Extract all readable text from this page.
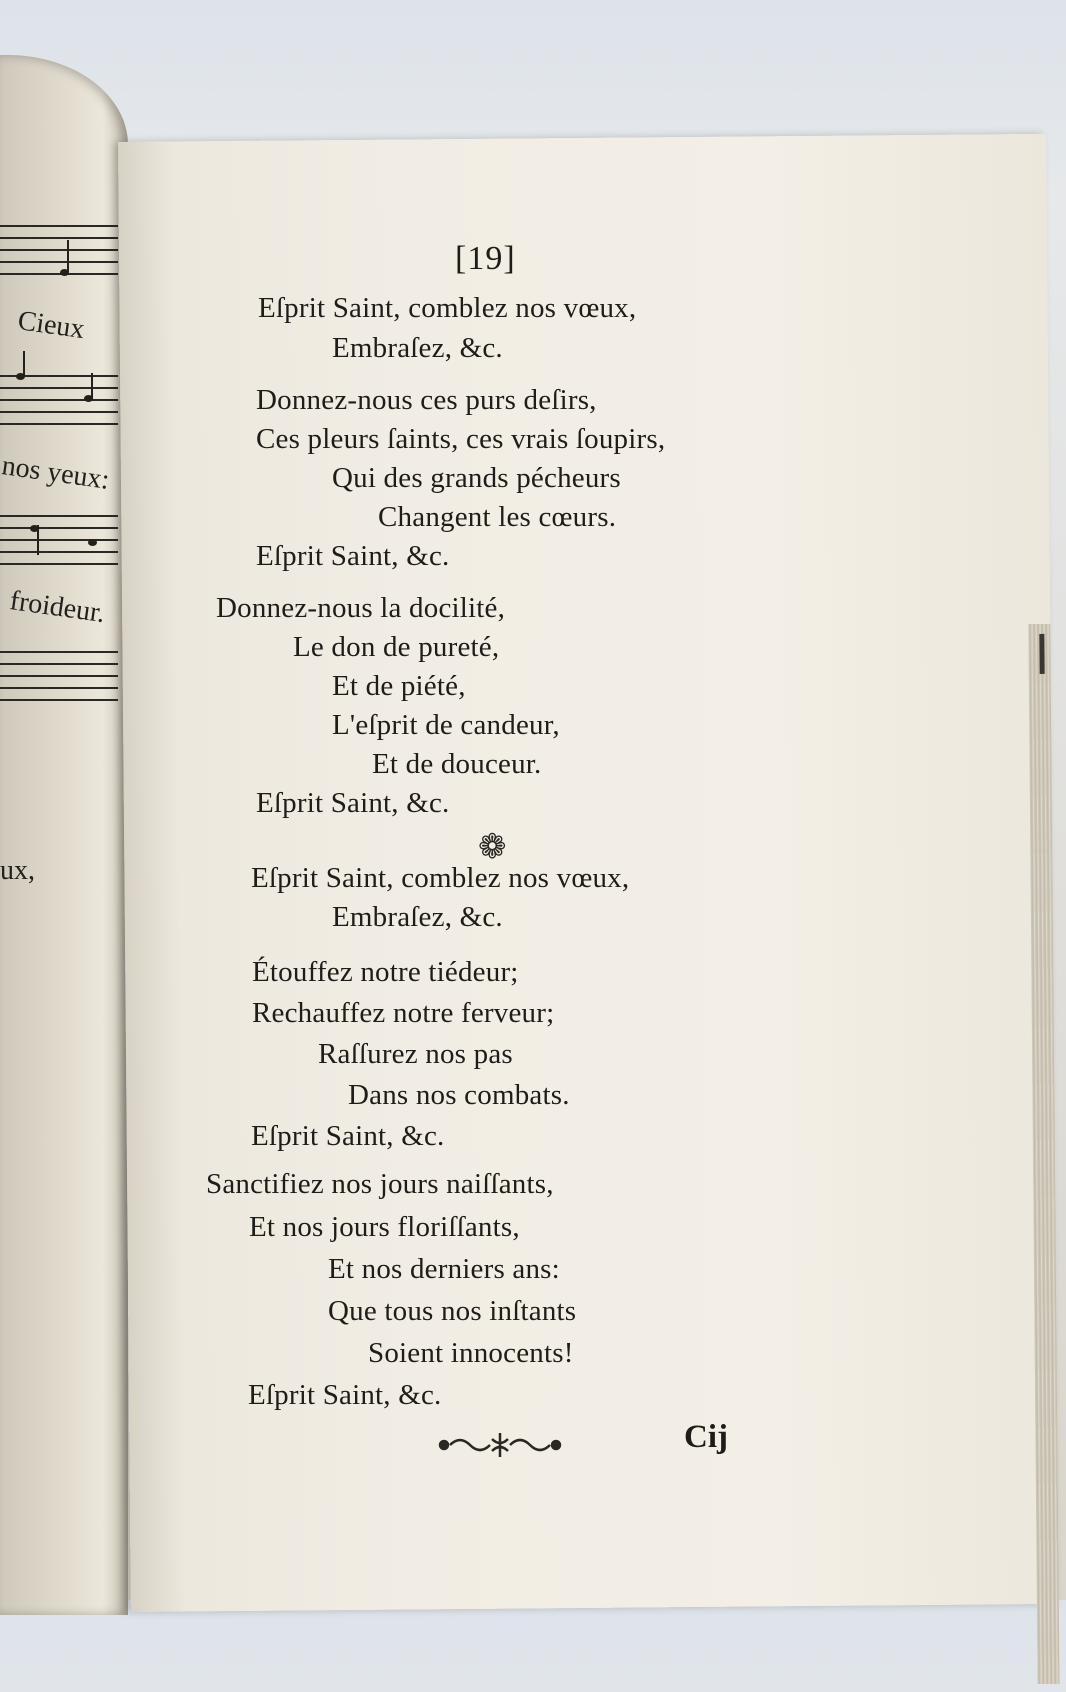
Cieux
nos yeux:
froideur.
ux,
[19]

Eſprit Saint, comblez nos vœux,

Embraſez, &c.

Donnez-nous ces purs deſirs,

Ces pleurs ſaints, ces vrais ſoupirs,

Qui des grands pécheurs

Changent les cœurs.

Eſprit Saint, &c.

Donnez-nous la docilité,

Le don de pureté,

Et de piété,

L'eſprit de candeur,

Et de douceur.

Eſprit Saint, &c.

❁

Eſprit Saint, comblez nos vœux,

Embraſez, &c.

Étouffez notre tiédeur;

Rechauffez notre ferveur;

Raſſurez nos pas

Dans nos combats.

Eſprit Saint, &c.

Sanctifiez nos jours naiſſants,

Et nos jours floriſſants,

Et nos derniers ans:

Que tous nos inſtants

Soient innocents!

Eſprit Saint, &c.

Cij
